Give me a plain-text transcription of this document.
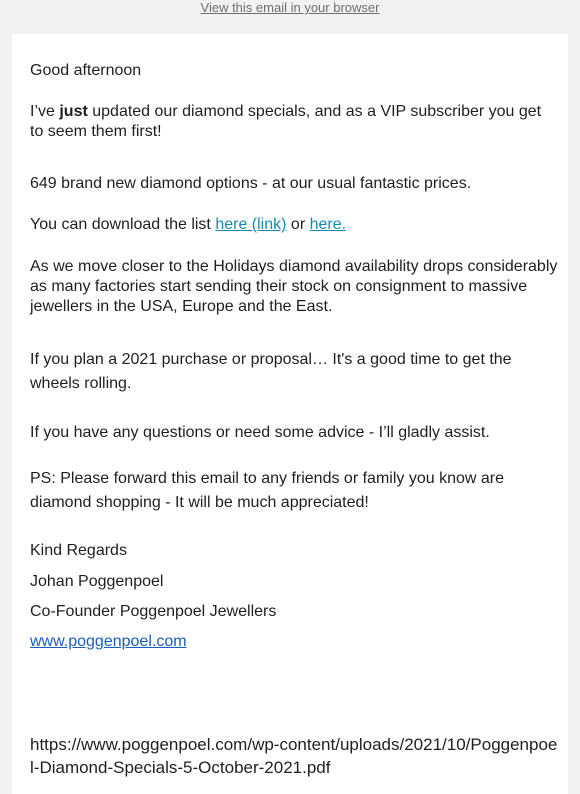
View this email in your browser

Good afternoon

I’ve just updated our diamond specials, and as a VIP subscriber you get to seem them first!

649 brand new diamond options - at our usual fantastic prices.

You can download the list here (link) or here.

As we move closer to the Holidays diamond availability drops considerably as many factories start sending their stock on consignment to massive jewellers in the USA, Europe and the East.

If you plan a 2021 purchase or proposal… It's a good time to get the wheels rolling.

If you have any questions or need some advice - I’ll gladly assist.

PS: Please forward this email to any friends or family you know are diamond shopping - It will be much appreciated!

Kind Regards

Johan Poggenpoel

Co-Founder Poggenpoel Jewellers

www.poggenpoel.com

https://www.poggenpoel.com/wp-content/uploads/2021/10/Poggenpoel-Diamond-Specials-5-October-2021.pdf
